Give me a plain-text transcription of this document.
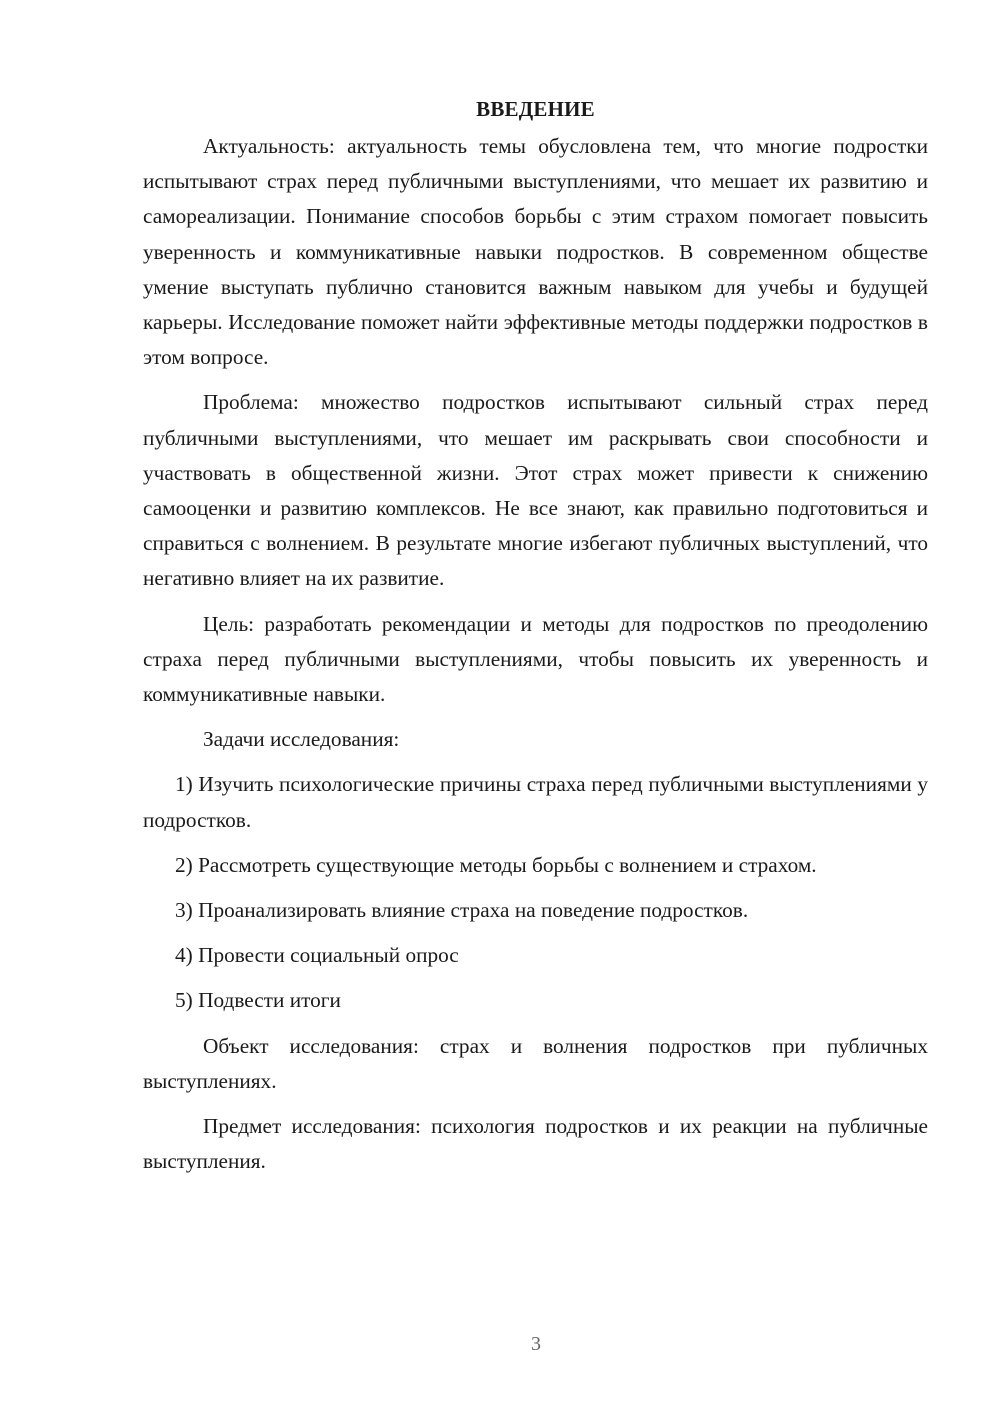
ВВЕДЕНИЕ

Актуальность: актуальность темы обусловлена тем, что многие подростки испытывают страх перед публичными выступлениями, что мешает их развитию и самореализации. Понимание способов борьбы с этим страхом помогает повысить уверенность и коммуникативные навыки подростков. В современном обществе умение выступать публично становится важным навыком для учебы и будущей карьеры. Исследование поможет найти эффективные методы поддержки подростков в этом вопросе.

Проблема: множество подростков испытывают сильный страх перед публичными выступлениями, что мешает им раскрывать свои способности и участвовать в общественной жизни. Этот страх может привести к снижению самооценки и развитию комплексов. Не все знают, как правильно подготовиться и справиться с волнением. В результате многие избегают публичных выступлений, что негативно влияет на их развитие.

Цель: разработать рекомендации и методы для подростков по преодолению страха перед публичными выступлениями, чтобы повысить их уверенность и коммуникативные навыки.

Задачи исследования:

1) Изучить психологические причины страха перед публичными выступлениями у подростков.

2) Рассмотреть существующие методы борьбы с волнением и страхом.

3) Проанализировать влияние страха на поведение подростков.

4) Провести социальный опрос

5) Подвести итоги

Объект исследования: страх и волнения подростков при публичных выступлениях.

Предмет исследования: психология подростков и их реакции на публичные выступления.

3
